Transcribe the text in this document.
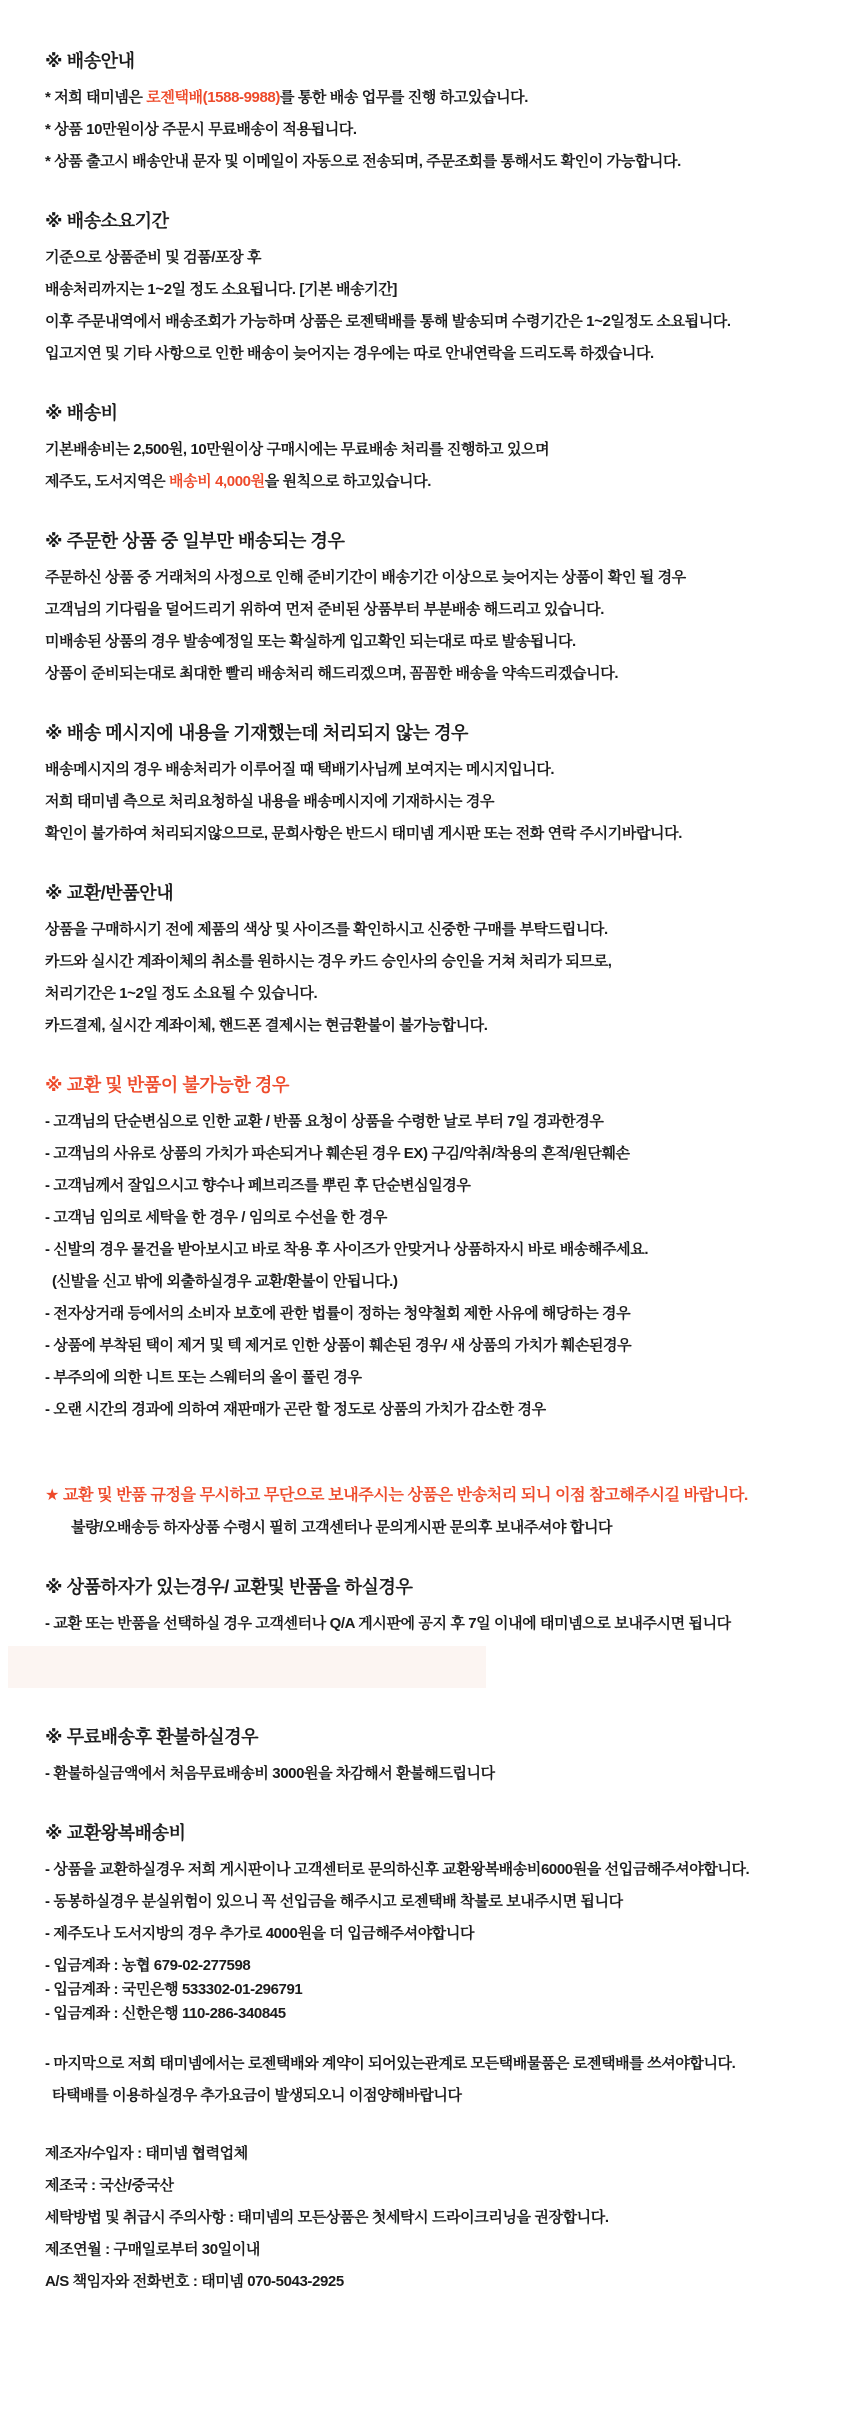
※ 배송안내

* 저희 태미넴은 로젠택배(1588-9988)를 통한 배송 업무를 진행 하고있습니다.

* 상품 10만원이상 주문시 무료배송이 적용됩니다.

* 상품 출고시 배송안내 문자 및 이메일이 자동으로 전송되며, 주문조회를 통해서도 확인이 가능합니다.

※ 배송소요기간

기준으로 상품준비 및 검품/포장 후

배송처리까지는 1~2일 정도 소요됩니다. [기본 배송기간]

이후 주문내역에서 배송조회가 가능하며 상품은 로젠택배를 통해 발송되며 수령기간은 1~2일정도 소요됩니다.

입고지연 및 기타 사항으로 인한 배송이 늦어지는 경우에는 따로 안내연락을 드리도록 하겠습니다.

※ 배송비

기본배송비는 2,500원, 10만원이상 구매시에는 무료배송 처리를 진행하고 있으며

제주도, 도서지역은 배송비 4,000원을 원칙으로 하고있습니다.

※ 주문한 상품 중 일부만 배송되는 경우

주문하신 상품 중 거래처의 사정으로 인해 준비기간이 배송기간 이상으로 늦어지는 상품이 확인 될 경우

고객님의 기다림을 덜어드리기 위하여 먼저 준비된 상품부터 부분배송 해드리고 있습니다.

미배송된 상품의 경우 발송예정일 또는 확실하게 입고확인 되는대로 따로 발송됩니다.

상품이 준비되는대로 최대한 빨리 배송처리 해드리겠으며, 꼼꼼한 배송을 약속드리겠습니다.

※ 배송 메시지에 내용을 기재했는데 처리되지 않는 경우

배송메시지의 경우 배송처리가 이루어질 때 택배기사님께 보여지는 메시지입니다.

저희 태미넴 측으로 처리요청하실 내용을 배송메시지에 기재하시는 경우

확인이 불가하여 처리되지않으므로, 문희사항은 반드시 태미넴 게시판 또는 전화 연락 주시기바랍니다.

※ 교환/반품안내

상품을 구매하시기 전에 제품의 색상 및 사이즈를 확인하시고 신중한 구매를 부탁드립니다.

카드와 실시간 계좌이체의 취소를 원하시는 경우 카드 승인사의 승인을 거쳐 처리가 되므로,

처리기간은 1~2일 정도 소요될 수 있습니다.

카드결제, 실시간 계좌이체, 핸드폰 결제시는 현금환불이 불가능합니다.

※ 교환 및 반품이 불가능한 경우

- 고객님의 단순변심으로 인한 교환 / 반품 요청이 상품을 수령한 날로 부터 7일 경과한경우

- 고객님의 사유로 상품의 가치가 파손되거나 훼손된 경우 EX) 구김/악취/착용의 흔적/원단훼손

- 고객님께서 잘입으시고 향수나 페브리즈를 뿌린 후 단순변심일경우

- 고객님 임의로 세탁을 한 경우 / 임의로 수선을 한 경우

- 신발의 경우 물건을 받아보시고 바로 착용 후 사이즈가 안맞거나 상품하자시 바로 배송해주세요.

(신발을 신고 밖에 외출하실경우 교환/환불이 안됩니다.)

- 전자상거래 등에서의 소비자 보호에 관한 법률이 정하는 청약철회 제한 사유에 해당하는 경우

- 상품에 부착된 택이 제거 및 텍 제거로 인한 상품이 훼손된 경우/ 새 상품의 가치가 훼손된경우

- 부주의에 의한 니트 또는 스웨터의 올이 풀린 경우

- 오랜 시간의 경과에 의하여 재판매가 곤란 할 정도로 상품의 가치가 감소한 경우

★ 교환 및 반품 규정을 무시하고 무단으로 보내주시는 상품은 반송처리 되니 이점 참고해주시길 바랍니다.

불량/오배송등 하자상품 수령시 필히 고객센터나 문의게시판 문의후 보내주셔야 합니다

※ 상품하자가 있는경우/ 교환및 반품을 하실경우

- 교환 또는 반품을 선택하실 경우 고객센터나 Q/A 게시판에 공지 후 7일 이내에 태미넴으로 보내주시면 됩니다

※ 무료배송후 환불하실경우

- 환불하실금액에서 처음무료배송비 3000원을 차감해서 환불해드립니다

※ 교환왕복배송비

- 상품을 교환하실경우 저희 게시판이나 고객센터로 문의하신후 교환왕복배송비6000원을 선입금해주셔야합니다.

- 동봉하실경우 분실위험이 있으니 꼭 선입금을 해주시고 로젠택배 착불로 보내주시면 됩니다

- 제주도나 도서지방의 경우 추가로 4000원을 더 입금해주셔야합니다

- 입금계좌 : 농협 679-02-277598

- 입금계좌 : 국민은행 533302-01-296791

- 입금계좌 : 신한은행 110-286-340845

- 마지막으로 저희 태미넴에서는 로젠택배와 계약이 되어있는관계로 모든택배물품은 로젠택배를 쓰셔야합니다.

타택배를 이용하실경우 추가요금이 발생되오니 이점양해바랍니다

제조자/수입자 : 태미넴 협력업체

제조국 : 국산/중국산

세탁방법 및 취급시 주의사항 : 태미넴의 모든상품은 첫세탁시 드라이크리닝을 권장합니다.

제조연월 : 구매일로부터 30일이내

A/S 책임자와 전화번호 : 태미넴 070-5043-2925
